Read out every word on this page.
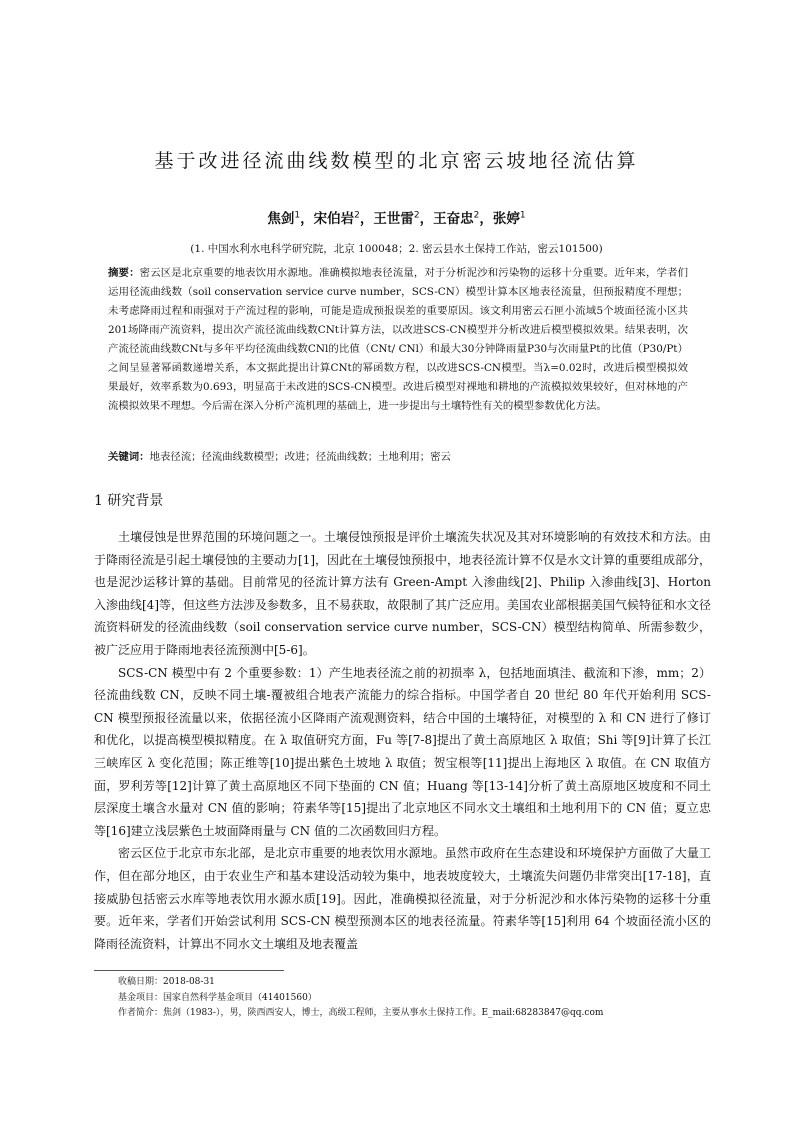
基于改进径流曲线数模型的北京密云坡地径流估算
焦剑$^1$，宋伯岩$^2$，王世雷$^2$，王奋忠$^2$，张婷$^1$
(1. 中国水利水电科学研究院，北京 100048；2. 密云县水土保持工作站，密云101500)
摘要：密云区是北京重要的地表饮用水源地。准确模拟地表径流量，对于分析泥沙和污染物的运移十分重要。近年来，学者们运用径流曲线数（soil conservation service curve number，SCS-CN）模型计算本区地表径流量，但预报精度不理想；未考虑降雨过程和雨强对于产流过程的影响，可能是造成预报误差的重要原因。该文利用密云石匣小流域5个坡面径流小区共201场降雨产流资料，提出次产流径流曲线数CNt计算方法，以改进SCS-CN模型并分析改进后模型模拟效果。结果表明，次产流径流曲线数CNt与多年平均径流曲线数CNl的比值（CNt/ CNl）和最大30分钟降雨量P30与次雨量Pt的比值（P30/Pt）之间呈显著幂函数递增关系，本文据此提出计算CNt的幂函数方程，以改进SCS-CN模型。当λ=0.02时，改进后模型模拟效果最好，效率系数为0.693，明显高于未改进的SCS-CN模型。改进后模型对裸地和耕地的产流模拟效果较好，但对林地的产流模拟效果不理想。今后需在深入分析产流机理的基础上，进一步提出与土壤特性有关的模型参数优化方法。
关键词：地表径流；径流曲线数模型；改进；径流曲线数；土地利用；密云
1 研究背景

土壤侵蚀是世界范围的环境问题之一。土壤侵蚀预报是评价土壤流失状况及其对环境影响的有效技术和方法。由于降雨径流是引起土壤侵蚀的主要动力[1]，因此在土壤侵蚀预报中，地表径流计算不仅是水文计算的重要组成部分，也是泥沙运移计算的基础。目前常见的径流计算方法有 Green-Ampt 入渗曲线[2]、Philip 入渗曲线[3]、Horton 入渗曲线[4]等，但这些方法涉及参数多，且不易获取，故限制了其广泛应用。美国农业部根据美国气候特征和水文径流资料研发的径流曲线数（soil conservation service curve number，SCS-CN）模型结构简单、所需参数少，被广泛应用于降雨地表径流预测中[5-6]。

SCS-CN 模型中有 2 个重要参数：1）产生地表径流之前的初损率 λ，包括地面填洼、截流和下渗，mm；2）径流曲线数 CN，反映不同土壤-覆被组合地表产流能力的综合指标。中国学者自 20 世纪 80 年代开始利用 SCS-CN 模型预报径流量以来，依据径流小区降雨产流观测资料，结合中国的土壤特征，对模型的 λ 和 CN 进行了修订和优化，以提高模型模拟精度。在 λ 取值研究方面，Fu 等[7-8]提出了黄土高原地区 λ 取值；Shi 等[9]计算了长江三峡库区 λ 变化范围；陈正维等[10]提出紫色土坡地 λ 取值；贺宝根等[11]提出上海地区 λ 取值。在 CN 取值方面，罗利芳等[12]计算了黄土高原地区不同下垫面的 CN 值；Huang 等[13-14]分析了黄土高原地区坡度和不同土层深度土壤含水量对 CN 值的影响；符素华等[15]提出了北京地区不同水文土壤组和土地利用下的 CN 值；夏立忠等[16]建立浅层紫色土坡面降雨量与 CN 值的二次函数回归方程。

密云区位于北京市东北部，是北京市重要的地表饮用水源地。虽然市政府在生态建设和环境保护方面做了大量工作，但在部分地区，由于农业生产和基本建设活动较为集中，地表坡度较大，土壤流失问题仍非常突出[17-18]，直接威胁包括密云水库等地表饮用水源水质[19]。因此，准确模拟径流量，对于分析泥沙和水体污染物的运移十分重要。近年来，学者们开始尝试利用 SCS-CN 模型预测本区的地表径流量。符素华等[15]利用 64 个坡面径流小区的降雨径流资料，计算出不同水文土壤组及地表覆盖

收稿日期：2018-08-31
基金项目：国家自然科学基金项目（41401560）
作者简介：焦剑（1983-），男，陕西西安人，博士，高级工程师，主要从事水土保持工作。E_mail:68283847@qq.com
